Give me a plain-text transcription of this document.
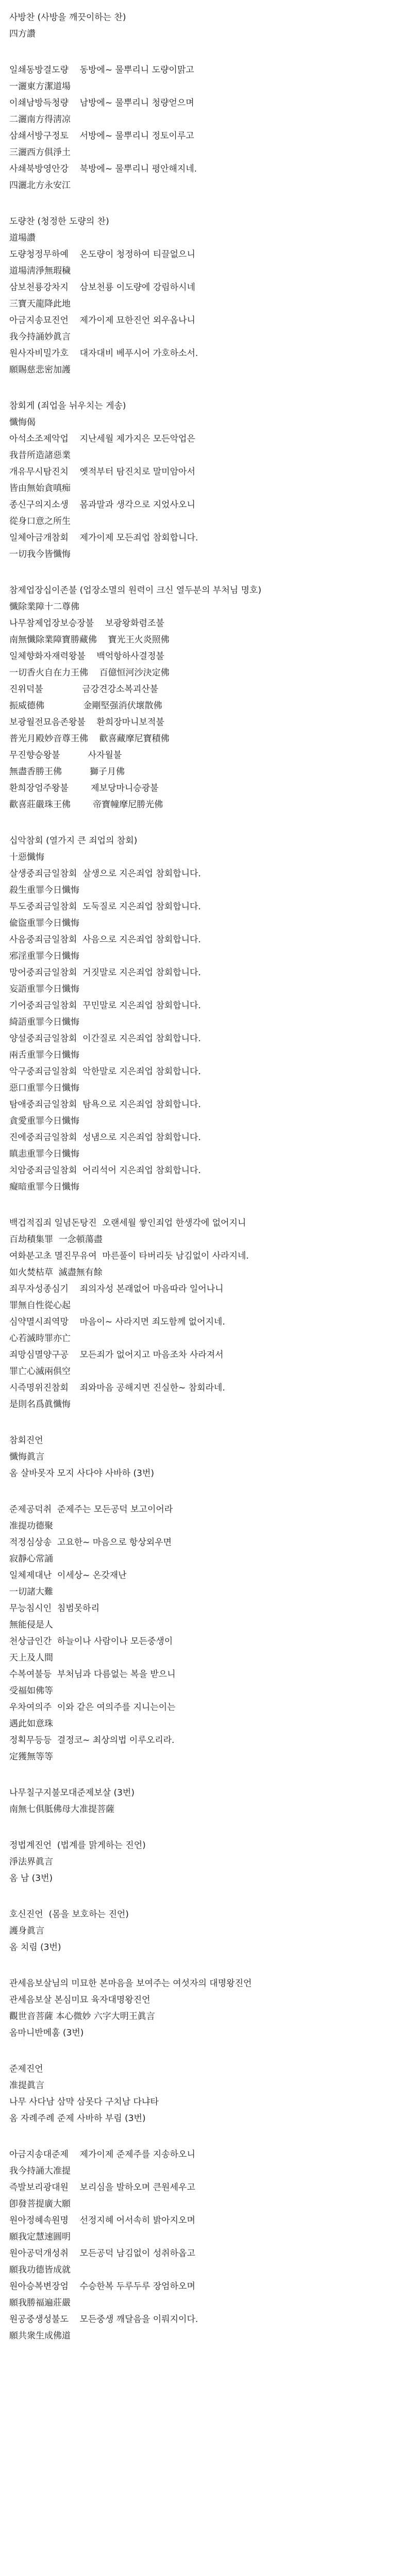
사방찬 (사방을 깨끗이하는 찬)

四方讚

일쇄동방결도량    동방에~ 물뿌리니 도량이맑고

一灑東方潔道場

이쇄남방득청량    남방에~ 물뿌리니 청량얻으며

二灑南方得淸凉

삼쇄서방구정토    서방에~ 물뿌리니 정토이루고

三灑西方俱淨土

사쇄북방영안강    북방에~ 물뿌리니 평안해지네.

四灑北方永安江

도량찬 (청정한 도량의 찬)

道場讚

도량청정무하예    온도량이 청정하여 티끌없으니

道場淸淨無瑕穢

삼보천룡강차지    삼보천룡 이도량에 강림하시네

三寶天龍降此地

아금지송묘진언    제가이제 묘한진언 외우옵나니

我今持誦妙眞言

원사자비밀가호    대자대비 베푸시어 가호하소서.

願賜慈悲密加護

참회게 (죄업을 뉘우치는 게송)

懺悔偈

아석소조제악업    지난세월 제가지은 모든악업은

我昔所造諸惡業

개유무시탐진치    옛적부터 탐진치로 말미암아서

皆由無始貪嗔痴

종신구의지소생    몸과말과 생각으로 지었사오니

從身口意之所生

일체아금개참회    제가이제 모든죄업 참회합니다.

一切我今皆懺悔

참제업장십이존불 (업장소멸의 원력이 크신 열두분의 부처님 명호)

懺除業障十二尊佛

나무참제업장보승장불    보광왕화렴조불

南無懺除業障寶勝藏佛    寶光王火炎照佛

일체향화자재력왕불    백억항하사결정불

一切香火自在力王佛    百億恒河沙決定佛

진위덕불              금강견강소복괴산불

振威德佛              金剛堅强消伏壞散佛

보광월전묘음존왕불    환희장마니보적불

普光月殿妙音尊王佛    歡喜藏摩尼寶積佛

무진향승왕불          사자월불

無盡香勝王佛          獅子月佛

환희장엄주왕불        제보당마니승광불

歡喜莊嚴珠王佛        帝寶幢摩尼勝光佛

십악참회 (열가지 큰 죄업의 참회)

十惡懺悔

살생중죄금일참회  살생으로 지은죄업 참회합니다.

殺生重罪今日懺悔

투도중죄금일참회  도둑질로 지은죄업 참회합니다.

偸盜重罪今日懺悔

사음중죄금일참회  사음으로 지은죄업 참회합니다.

邪淫重罪今日懺悔

망어중죄금일참회  거짓말로 지은죄업 참회합니다.

妄語重罪今日懺悔

기어중죄금일참회  꾸민말로 지은죄업 참회합니다.

綺語重罪今日懺悔

양설중죄금일참회  이간질로 지은죄업 참회합니다.

兩舌重罪今日懺悔

악구중죄금일참회  악한말로 지은죄업 참회합니다.

惡口重罪今日懺悔

탐애중죄금일참회  탐욕으로 지은죄업 참회합니다.

貪愛重罪今日懺悔

진에중죄금일참회  성냄으로 지은죄업 참회합니다.

瞋恚重罪今日懺悔

치암중죄금일참회  어리석어 지은죄업 참회합니다.

癡暗重罪今日懺悔

백겁적집죄 일념돈탕진  오랜세월 쌓인죄업 한생각에 없어지니

百劫積集罪  一念頓蕩盡

여화분고초 멸진무유여  마른풀이 타버리듯 남김없이 사라지네.

如火焚枯草  滅盡無有餘

죄무자성종심기    죄의자성 본래없어 마음따라 일어나니

罪無自性從心起

심약멸시죄역망    마음이~ 사라지면 죄도함께 없어지네.

心若滅時罪亦亡

죄망심멸양구공    모든죄가 없어지고 마음조차 사라져서

罪亡心滅兩俱空

시즉명위진참회    죄와마음 공해지면 진실한~ 참회라네.

是則名爲眞懺悔

참회진언

懺悔眞言

옴 살바못자 모지 사다야 사바하 (3번)

준제공덕취  준제주는 모든공덕 보고이어라

准提功德聚

적정심상송  고요한~ 마음으로 항상외우면

寂靜心常誦

일체제대난  이세상~ 온갖재난

一切諸大難

무능침시인  침범못하리

無能侵是人

천상급인간  하늘이나 사람이나 모든중생이

天上及人間

수복여불등  부처님과 다름없는 복을 받으니

受福如佛等

우차여의주  이와 같은 여의주를 지니는이는

遇此如意珠

정획무등등  결정코~ 최상의법 이루오리라.

定獲無等等

나무칠구지불모대준제보살 (3번)

南無七俱胝佛母大准提菩薩

정법계진언  (법계를 맑게하는 진언)

淨法界眞言

옴 남 (3번)

호신진언  (몸을 보호하는 진언)

護身眞言

옴 치림 (3번)

관세음보살님의 미묘한 본마음을 보여주는 여섯자의 대명왕진언

관세음보살 본심미묘 육자대명왕진언

觀世音菩薩 本心微妙 六字大明王眞言

옴마니반메훔 (3번)

준제진언

准提眞言

나무 사다남 삼먁 삼못다 구치남 다냐타

옴 자례주례 준제 사바하 부림 (3번)

아금지송대준제    제가이제 준제주를 지송하오니

我今持誦大准提

즉발보리광대원    보리심을 발하오며 큰원세우고

卽發菩提廣大願

원아정혜속원명    선정지혜 어서속히 밝아지오며

願我定慧速圓明

원아공덕개성취    모든공덕 남김없이 성취하옵고

願我功德皆成就

원아승복변장엄    수승한복 두루두루 장엄하오며

願我勝福遍莊嚴

원공중생성불도    모든중생 깨달음을 이뤄지이다.

願共衆生成佛道
